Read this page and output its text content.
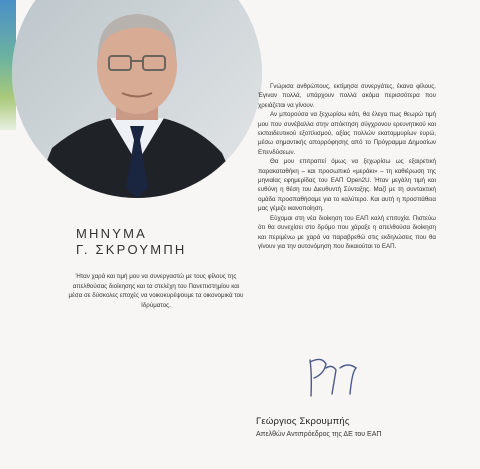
ΜΗΝΥΜΑ
Γ. ΣΚΡΟΥΜΠΗ
Ήταν χαρά και τιμή μου να συνεργαστώ με τους φίλους της απελθούσας διοίκησης και τα στελέχη του Πανεπιστημίου και μέσα σε δύσκολες εποχές να νοικοκυρέψουμε τα οικονομικά του Ιδρύματος.

Γνώρισα ανθρώπους, εκτίμησα συνεργάτες, έκανα φίλους. Έγιναν πολλά, υπάρχουν πολλά ακόμα περισσότερα που χρειάζεται να γίνουν.

Αν μπορούσα να ξεχωρίσω κάτι, θα έλεγα πως θεωρώ τιμή μου που συνέβαλλα στην απόκτηση σύγχρονου ερευνητικού και εκπαιδευτικού εξοπλισμού, αξίας πολλών εκατομμυρίων ευρώ, μέσω σημαντικής απορρόφησης από το Πρόγραμμα Δημοσίων Επενδύσεων.

Θα μου επιτραπεί όμως να ξεχωρίσω ως εξαιρετική παρακαταθήκη – και προσωπικό «μεράκι» – τη καθιέρωση της μηνιαίας εφημερίδας του ΕΑΠ Open2U. Ήταν μεγάλη τιμή και ευθύνη η θέση του Διευθυντή Σύνταξης. Μαζί με τη συντακτική ομάδα προσπαθήσαμε για το καλύτερο. Και αυτή η προσπάθεια μας γέμιζε ικανοποίηση.

Εύχομαι στη νέα διοίκηση του ΕΑΠ καλή επιτυχία. Πιστεύω ότι θα συνεχίσει στο δρόμο που χάραξε η απελθούσα διοίκηση και περιμένω με χαρά να παραβρεθώ στις εκδηλώσεις που θα γίνουν για την αυτονόμηση που δικαιούται το ΕΑΠ.

Γεώργιος Σκρουμπής
Απελθών Αντιπρόεδρος της ΔΕ του ΕΑΠ
